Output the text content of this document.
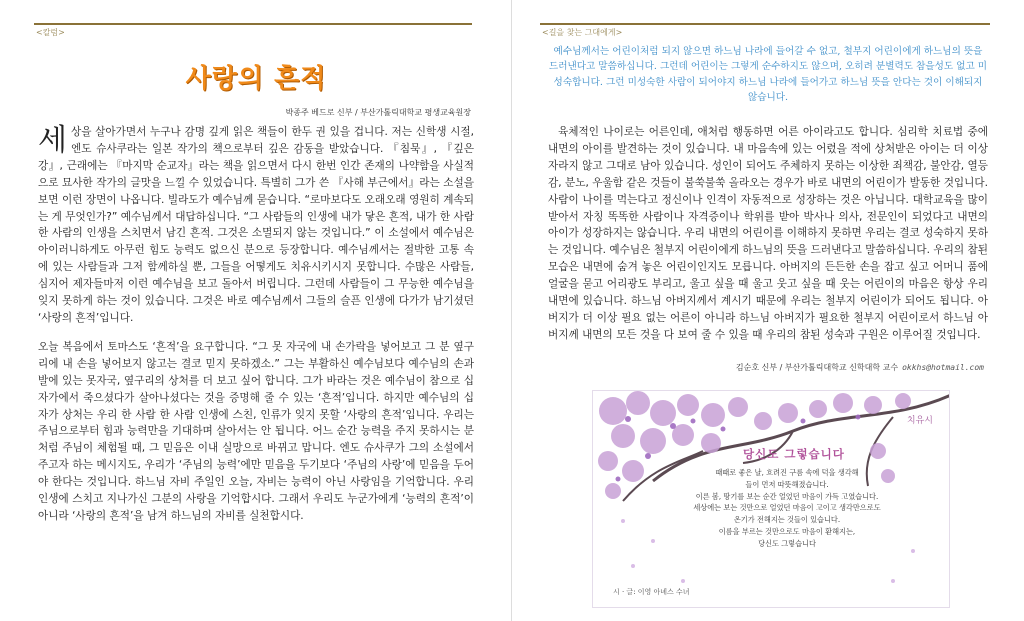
<칼럼>
사랑의 흔적
박종주 베드로 신부 / 부산가톨릭대학교 평생교육원장

세상을 살아가면서 누구나 감명 깊게 읽은 책들이 한두 권 있을 겁니다. 저는 신학생 시절, 엔도 슈사쿠라는 일본 작가의 책으로부터 깊은 감동을 받았습니다. 『침묵』, 『깊은 강』, 근래에는 『마지막 순교자』라는 책을 읽으면서 다시 한번 인간 존재의 나약함을 사실적으로 묘사한 작가의 글맛을 느낄 수 있었습니다. 특별히 그가 쓴 『사해 부근에서』라는 소설을 보면 이런 장면이 나옵니다. 빌라도가 예수님께 묻습니다. “로마보다도 오래오래 영원히 계속되는 게 무엇인가?” 예수님께서 대답하십니다. “그 사람들의 인생에 내가 닿은 흔적, 내가 한 사람 한 사람의 인생을 스치면서 남긴 흔적. 그것은 소멸되지 않는 것입니다.” 이 소설에서 예수님은 아이러니하게도 아무런 힘도 능력도 없으신 분으로 등장합니다. 예수님께서는 절박한 고통 속에 있는 사람들과 그저 함께하실 뿐, 그들을 어떻게도 치유시키시지 못합니다. 수많은 사람들, 심지어 제자들마저 이런 예수님을 보고 돌아서 버립니다. 그런데 사람들이 그 무능한 예수님을 잊지 못하게 하는 것이 있습니다. 그것은 바로 예수님께서 그들의 슬픈 인생에 다가가 남기셨던 ‘사랑의 흔적’입니다.

오늘 복음에서 토마스도 ‘흔적’을 요구합니다. “그 못 자국에 내 손가락을 넣어보고 그 분 옆구리에 내 손을 넣어보지 않고는 결코 믿지 못하겠소.” 그는 부활하신 예수님보다 예수님의 손과 발에 있는 못자국, 옆구리의 상처를 더 보고 싶어 합니다. 그가 바라는 것은 예수님이 참으로 십자가에서 죽으셨다가 살아나셨다는 것을 증명해 줄 수 있는 ‘흔적’입니다. 하지만 예수님의 십자가 상처는 우리 한 사람 한 사람 인생에 스친, 인류가 잊지 못할 ‘사랑의 흔적’입니다. 우리는 주님으로부터 힘과 능력만을 기대하며 살아서는 안 됩니다. 어느 순간 능력을 주지 못하시는 분처럼 주님이 체험될 때, 그 믿음은 이내 실망으로 바뀌고 맙니다. 엔도 슈사쿠가 그의 소설에서 주고자 하는 메시지도, 우리가 ‘주님의 능력’에만 믿음을 두기보다 ‘주님의 사랑’에 믿음을 두어야 한다는 것입니다. 하느님 자비 주일인 오늘, 자비는 능력이 아닌 사랑임을 기억합니다. 우리 인생에 스치고 지나가신 그분의 사랑을 기억합시다. 그래서 우리도 누군가에게 ‘능력의 흔적’이 아니라 ‘사랑의 흔적’을 남겨 하느님의 자비를 실천합시다.

<길을 찾는 그대에게>
예수님께서는 어린이처럼 되지 않으면 하느님 나라에 들어갈 수 없고, 철부지 어린이에게 하느님의 뜻을 드러낸다고 말씀하십니다. 그런데 어린이는 그렇게 순수하지도 않으며, 오히려 분별력도 참을성도 없고 미성숙합니다. 그런 미성숙한 사람이 되어야지 하느님 나라에 들어가고 하느님 뜻을 안다는 것이 이해되지 않습니다.

육체적인 나이로는 어른인데, 애처럼 행동하면 어른 아이라고도 합니다. 심리학 치료법 중에 내면의 아이를 발견하는 것이 있습니다. 내 마음속에 있는 어렸을 적에 상처받은 아이는 더 이상 자라지 않고 그대로 남아 있습니다. 성인이 되어도 주체하지 못하는 이상한 죄책감, 불안감, 열등감, 분노, 우울함 같은 것들이 불쑥불쑥 올라오는 경우가 바로 내면의 어린이가 발동한 것입니다. 사람이 나이를 먹는다고 정신이나 인격이 자동적으로 성장하는 것은 아닙니다. 대학교육을 많이 받아서 자칭 똑똑한 사람이나 자격증이나 학위를 받아 박사나 의사, 전문인이 되었다고 내면의 아이가 성장하지는 않습니다. 우리 내면의 어린이를 이해하지 못하면 우리는 결코 성숙하지 못하는 것입니다. 예수님은 철부지 어린이에게 하느님의 뜻을 드러낸다고 말씀하십니다. 우리의 참된 모습은 내면에 숨겨 놓은 어린이인지도 모릅니다. 아버지의 든든한 손을 잡고 싶고 어머니 품에 얼굴을 묻고 어리광도 부리고, 울고 싶을 때 울고 웃고 싶을 때 웃는 어린이의 마음은 항상 우리 내면에 있습니다. 하느님 아버지께서 계시기 때문에 우리는 철부지 어린이가 되어도 됩니다. 아버지가 더 이상 필요 없는 어른이 아니라 하느님 아버지가 필요한 철부지 어린이로서 하느님 아버지께 내면의 모든 것을 다 보여 줄 수 있을 때 우리의 참된 성숙과 구원은 이루어질 것입니다.

김순호 신부 / 부산가톨릭대학교 신학대학 교수 okkhs@hotmail.com
치유시
당신도 그렇습니다
때때로 좋은 날, 흐려진 구름 속에 덕을 생각해
들이 먼저 따뜻해졌습니다.
이른 봄, 땅기를 보는 순간 얼었던 마음이 가득 고였습니다.
세상에는 보는 것만으로 얼었던 마음이 고이고 생각만으로도
온기가 전해지는 것들이 있습니다.
이름을 부르는 것만으로도 마음이 환해지는,
당신도 그렇습니다
시 · 글: 이영 아녜스 수녀
